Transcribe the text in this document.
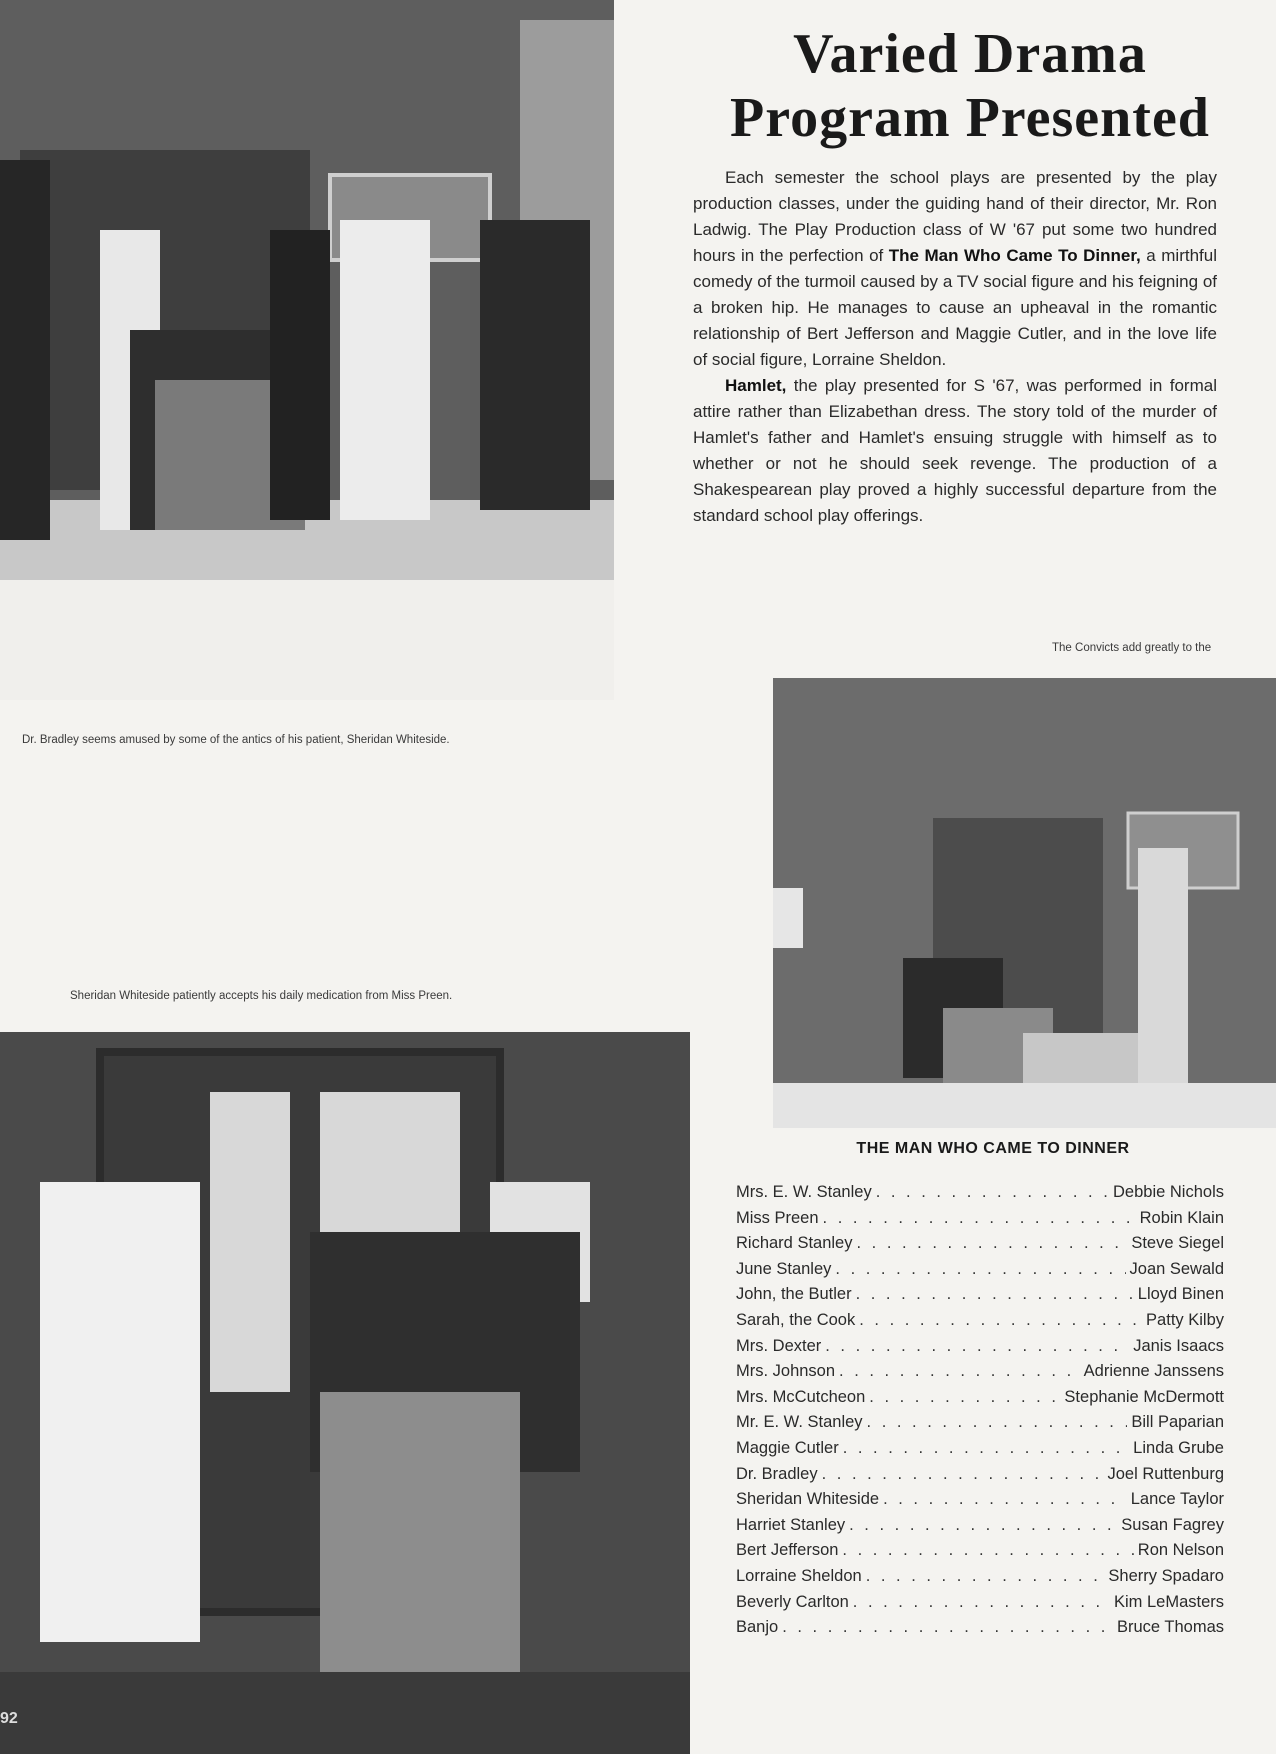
Varied Drama
Program Presented

Each semester the school plays are presented by the play production classes, under the guiding hand of their director, Mr. Ron Ladwig. The Play Production class of W '67 put some two hundred hours in the perfection of The Man Who Came To Dinner, a mirthful comedy of the turmoil caused by a TV social figure and his feigning of a broken hip. He manages to cause an upheaval in the romantic relationship of Bert Jefferson and Maggie Cutler, and in the love life of social figure, Lorraine Sheldon.

Hamlet, the play presented for S '67, was performed in formal attire rather than Elizabethan dress. The story told of the murder of Hamlet's father and Hamlet's ensuing struggle with himself as to whether or not he should seek revenge. The production of a Shakespearean play proved a highly successful departure from the standard school play offerings.

The Convicts add greatly to the
Dr. Bradley seems amused by some of the antics of his patient, Sheridan Whiteside.
Sheridan Whiteside patiently accepts his daily medication from Miss Preen.
THE MAN WHO CAME TO DINNER
Mrs. E. W. Stanley . . .	Debbie Nichols
Miss Preen . . .	Robin Klain
Richard Stanley . . .	Steve Siegel
June Stanley . . .	Joan Sewald
John, the Butler . . .	Lloyd Binen
Sarah, the Cook . . .	Patty Kilby
Mrs. Dexter . . .	Janis Isaacs
Mrs. Johnson . . .	Adrienne Janssens
Mrs. McCutcheon . . .	Stephanie McDermott
Mr. E. W. Stanley . . .	Bill Paparian
Maggie Cutler . . .	Linda Grube
Dr. Bradley . . .	Joel Ruttenburg
Sheridan Whiteside . . .	Lance Taylor
Harriet Stanley . . .	Susan Fagrey
Bert Jefferson . . .	Ron Nelson
Lorraine Sheldon . . .	Sherry Spadaro
Beverly Carlton . . .	Kim LeMasters
Banjo . . .	Bruce Thomas
92
